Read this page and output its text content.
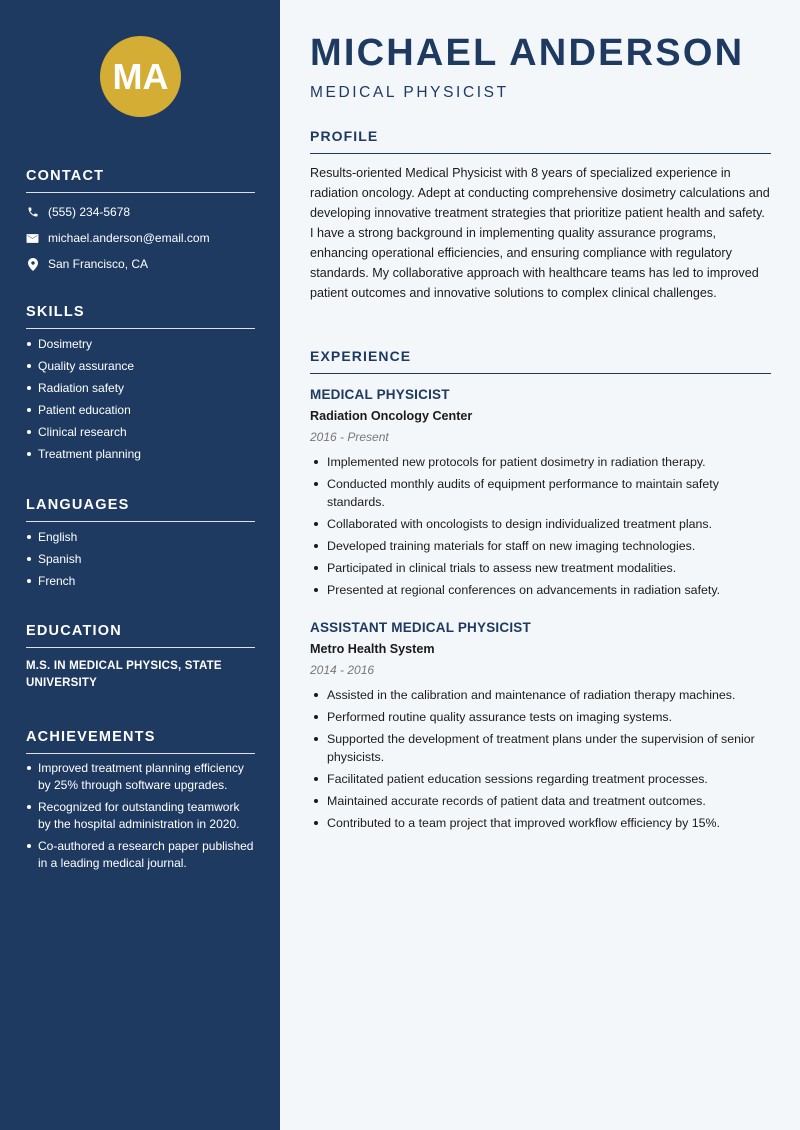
MA
CONTACT
(555) 234-5678
michael.anderson@email.com
San Francisco, CA
SKILLS
Dosimetry
Quality assurance
Radiation safety
Patient education
Clinical research
Treatment planning
LANGUAGES
English
Spanish
French
EDUCATION
M.S. IN MEDICAL PHYSICS, STATE UNIVERSITY
ACHIEVEMENTS
Improved treatment planning efficiency by 25% through software upgrades.
Recognized for outstanding teamwork by the hospital administration in 2020.
Co-authored a research paper published in a leading medical journal.
MICHAEL ANDERSON
MEDICAL PHYSICIST
PROFILE

Results-oriented Medical Physicist with 8 years of specialized experience in radiation oncology. Adept at conducting comprehensive dosimetry calculations and developing innovative treatment strategies that prioritize patient health and safety. I have a strong background in implementing quality assurance programs, enhancing operational efficiencies, and ensuring compliance with regulatory standards. My collaborative approach with healthcare teams has led to improved patient outcomes and innovative solutions to complex clinical challenges.

EXPERIENCE
MEDICAL PHYSICIST
Radiation Oncology Center
2016 - Present
Implemented new protocols for patient dosimetry in radiation therapy.
Conducted monthly audits of equipment performance to maintain safety standards.
Collaborated with oncologists to design individualized treatment plans.
Developed training materials for staff on new imaging technologies.
Participated in clinical trials to assess new treatment modalities.
Presented at regional conferences on advancements in radiation safety.
ASSISTANT MEDICAL PHYSICIST
Metro Health System
2014 - 2016
Assisted in the calibration and maintenance of radiation therapy machines.
Performed routine quality assurance tests on imaging systems.
Supported the development of treatment plans under the supervision of senior physicists.
Facilitated patient education sessions regarding treatment processes.
Maintained accurate records of patient data and treatment outcomes.
Contributed to a team project that improved workflow efficiency by 15%.
